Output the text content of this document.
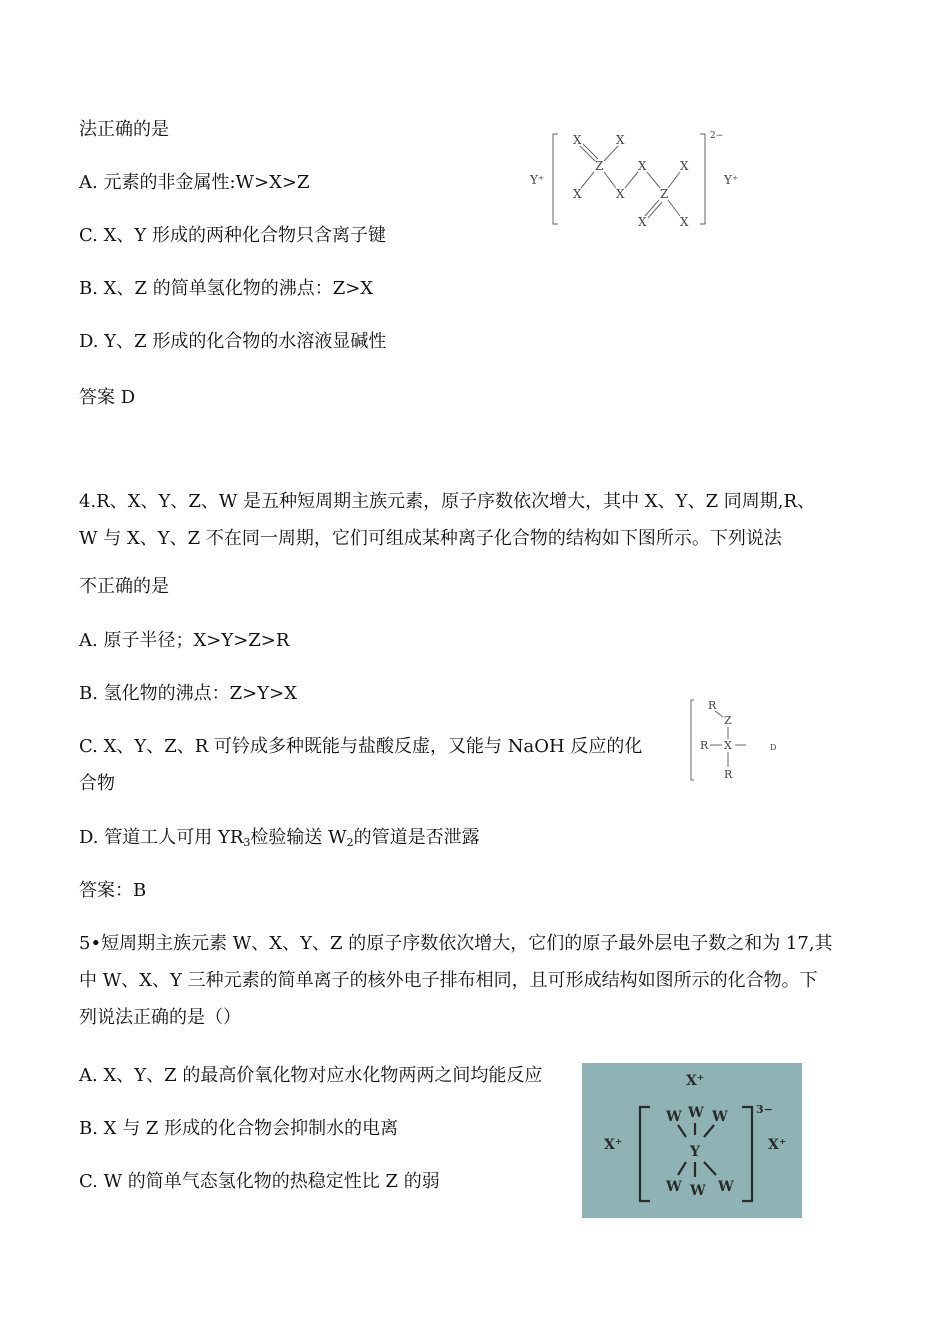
法正确的是
A. 元素的非金属性:W>X>Z
C. X、Y 形成的两种化合物只含离子键
B. X、Z 的简单氢化物的沸点：Z>X
D. Y、Z 形成的化合物的水溶液显碱性
答案 D
Y⁺	Y⁺
2−
X	X
Z
X
X
X
X
Z
X	X
4.R、X、Y、Z、W 是五种短周期主族元素，原子序数依次增大，其中 X、Y、Z 同周期,R、
W 与 X、Y、Z 不在同一周期，它们可组成某种离子化合物的结构如下图所示。下列说法
不正确的是
A. 原子半径；X>Y>Z>R
B. 氢化物的沸点：Z>Y>X
C. X、Y、Z、R 可钤成多种既能与盐酸反虚，又能与 NaOH 反应的化
合物
D. 管道工人可用 $YR_3$检验输送 $W_2$的管道是否泄露
答案：B
R
Z
R X
R
D
5•短周期主族元素 W、X、Y、Z 的原子序数依次增大，它们的原子最外层电子数之和为 17,其
中 W、X、Y 三种元素的简单离子的核外电子排布相同，且可形成结构如图所示的化合物。下
列说法正确的是（）
A. X、Y、Z 的最高价氧化物对应水化物两两之间均能反应
B. X 与 Z 形成的化合物会抑制水的电离
C. W 的简单气态氢化物的热稳定性比 Z 的弱
X⁺
X⁺	X⁺
3−
W W W
Y
W W W
